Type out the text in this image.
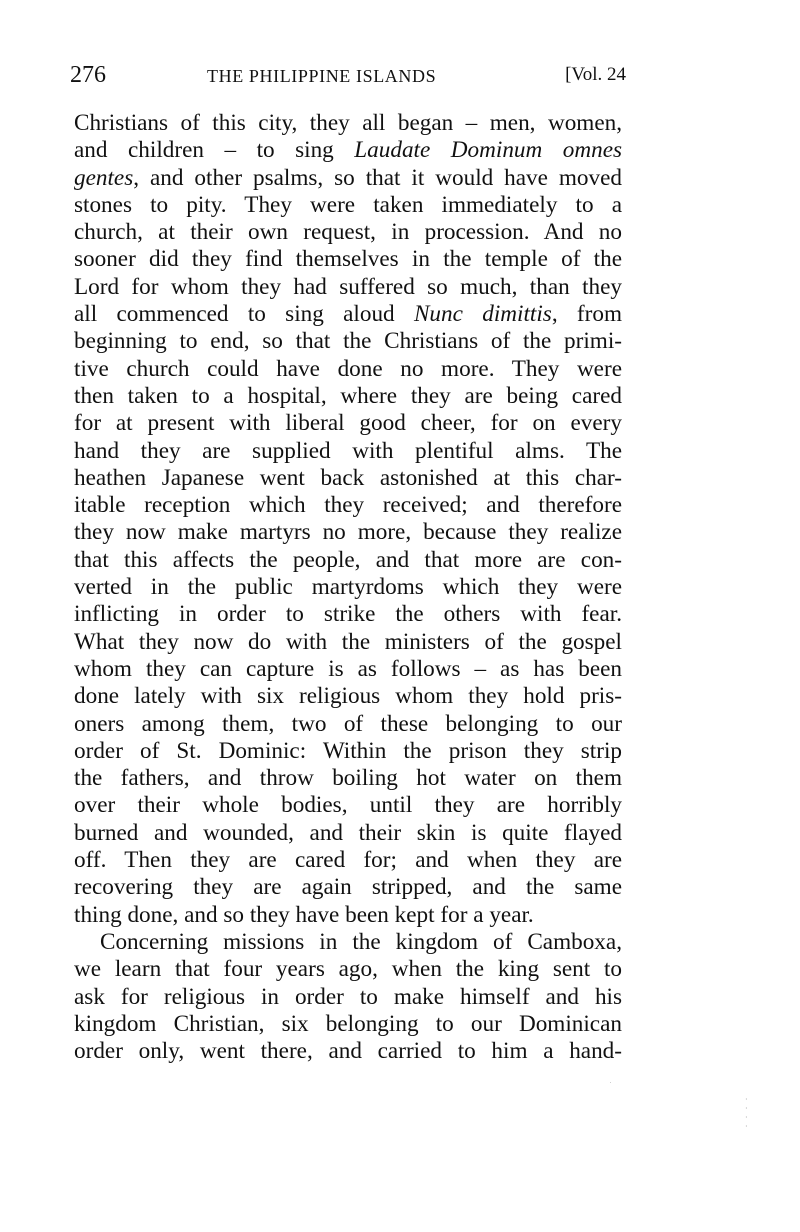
276	THE PHILIPPINE ISLANDS	[Vol. 24
Christians of this city, they all began – men, women,
and children – to sing Laudate Dominum omnes
gentes, and other psalms, so that it would have moved
stones to pity. They were taken immediately to a
church, at their own request, in procession. And no
sooner did they find themselves in the temple of the
Lord for whom they had suffered so much, than they
all commenced to sing aloud Nunc dimittis, from
beginning to end, so that the Christians of the primi-
tive church could have done no more. They were
then taken to a hospital, where they are being cared
for at present with liberal good cheer, for on every
hand they are supplied with plentiful alms. The
heathen Japanese went back astonished at this char-
itable reception which they received; and therefore
they now make martyrs no more, because they realize
that this affects the people, and that more are con-
verted in the public martyrdoms which they were
inflicting in order to strike the others with fear.
What they now do with the ministers of the gospel
whom they can capture is as follows – as has been
done lately with six religious whom they hold pris-
oners among them, two of these belonging to our
order of St. Dominic: Within the prison they strip
the fathers, and throw boiling hot water on them
over their whole bodies, until they are horribly
burned and wounded, and their skin is quite flayed
off. Then they are cared for; and when they are
recovering they are again stripped, and the same
thing done, and so they have been kept for a year.
Concerning missions in the kingdom of Camboxa,
we learn that four years ago, when the king sent to
ask for religious in order to make himself and his
kingdom Christian, six belonging to our Dominican
order only, went there, and carried to him a hand-
·
·
·
·
